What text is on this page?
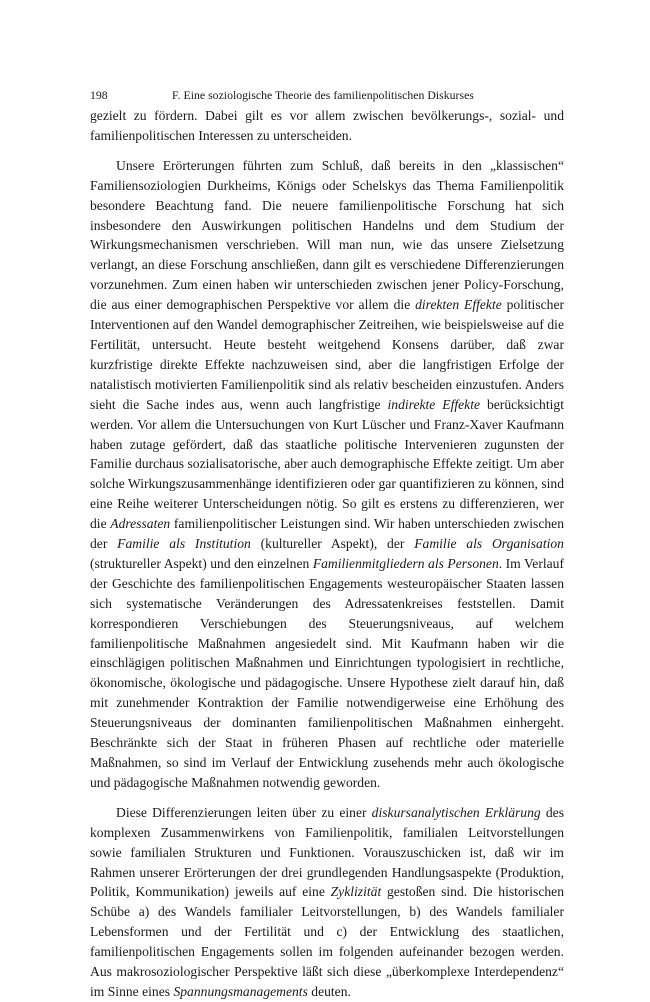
198	F. Eine soziologische Theorie des familienpolitischen Diskurses

gezielt zu fördern. Dabei gilt es vor allem zwischen bevölkerungs-, sozial- und familienpolitischen Interessen zu unterscheiden.

Unsere Erörterungen führten zum Schluß, daß bereits in den „klassischen“ Familiensoziologien Durkheims, Königs oder Schelskys das Thema Familienpolitik besondere Beachtung fand. Die neuere familienpolitische Forschung hat sich insbesondere den Auswirkungen politischen Handelns und dem Studium der Wirkungsmechanismen verschrieben. Will man nun, wie das unsere Zielsetzung verlangt, an diese Forschung anschließen, dann gilt es verschiedene Differenzierungen vorzunehmen. Zum einen haben wir unterschieden zwischen jener Policy-Forschung, die aus einer demographischen Perspektive vor allem die direkten Effekte politischer Interventionen auf den Wandel demographischer Zeitreihen, wie beispielsweise auf die Fertilität, untersucht. Heute besteht weitgehend Konsens darüber, daß zwar kurzfristige direkte Effekte nachzuweisen sind, aber die langfristigen Erfolge der natalistisch motivierten Familienpolitik sind als relativ bescheiden einzustufen. Anders sieht die Sache indes aus, wenn auch langfristige indirekte Effekte berücksichtigt werden. Vor allem die Untersuchungen von Kurt Lüscher und Franz-Xaver Kaufmann haben zutage gefördert, daß das staatliche politische Intervenieren zugunsten der Familie durchaus sozialisatorische, aber auch demographische Effekte zeitigt. Um aber solche Wirkungszusammenhänge identifizieren oder gar quantifizieren zu können, sind eine Reihe weiterer Unterscheidungen nötig. So gilt es erstens zu differenzieren, wer die Adressaten familienpolitischer Leistungen sind. Wir haben unterschieden zwischen der Familie als Institution (kultureller Aspekt), der Familie als Organisation (struktureller Aspekt) und den einzelnen Familienmitgliedern als Personen. Im Verlauf der Geschichte des familienpolitischen Engagements westeuropäischer Staaten lassen sich systematische Veränderungen des Adressatenkreises feststellen. Damit korrespondieren Verschiebungen des Steuerungsniveaus, auf welchem familienpolitische Maßnahmen angesiedelt sind. Mit Kaufmann haben wir die einschlägigen politischen Maßnahmen und Einrichtungen typologisiert in rechtliche, ökonomische, ökologische und pädagogische. Unsere Hypothese zielt darauf hin, daß mit zunehmender Kontraktion der Familie notwendigerweise eine Erhöhung des Steuerungsniveaus der dominanten familienpolitischen Maßnahmen einhergeht. Beschränkte sich der Staat in früheren Phasen auf rechtliche oder materielle Maßnahmen, so sind im Verlauf der Entwicklung zusehends mehr auch ökologische und pädagogische Maßnahmen notwendig geworden.

Diese Differenzierungen leiten über zu einer diskursanalytischen Erklärung des komplexen Zusammenwirkens von Familienpolitik, familialen Leitvorstellungen sowie familialen Strukturen und Funktionen. Vorauszuschicken ist, daß wir im Rahmen unserer Erörterungen der drei grundlegenden Handlungsaspekte (Produktion, Politik, Kommunikation) jeweils auf eine Zyklizität gestoßen sind. Die historischen Schübe a) des Wandels familialer Leitvorstellungen, b) des Wandels familialer Lebensformen und der Fertilität und c) der Entwicklung des staatlichen, familienpolitischen Engagements sollen im folgenden aufeinander bezogen werden. Aus makrosoziologischer Perspektive läßt sich diese „überkomplexe Interdependenz“ im Sinne eines Spannungsmanagements deuten.
